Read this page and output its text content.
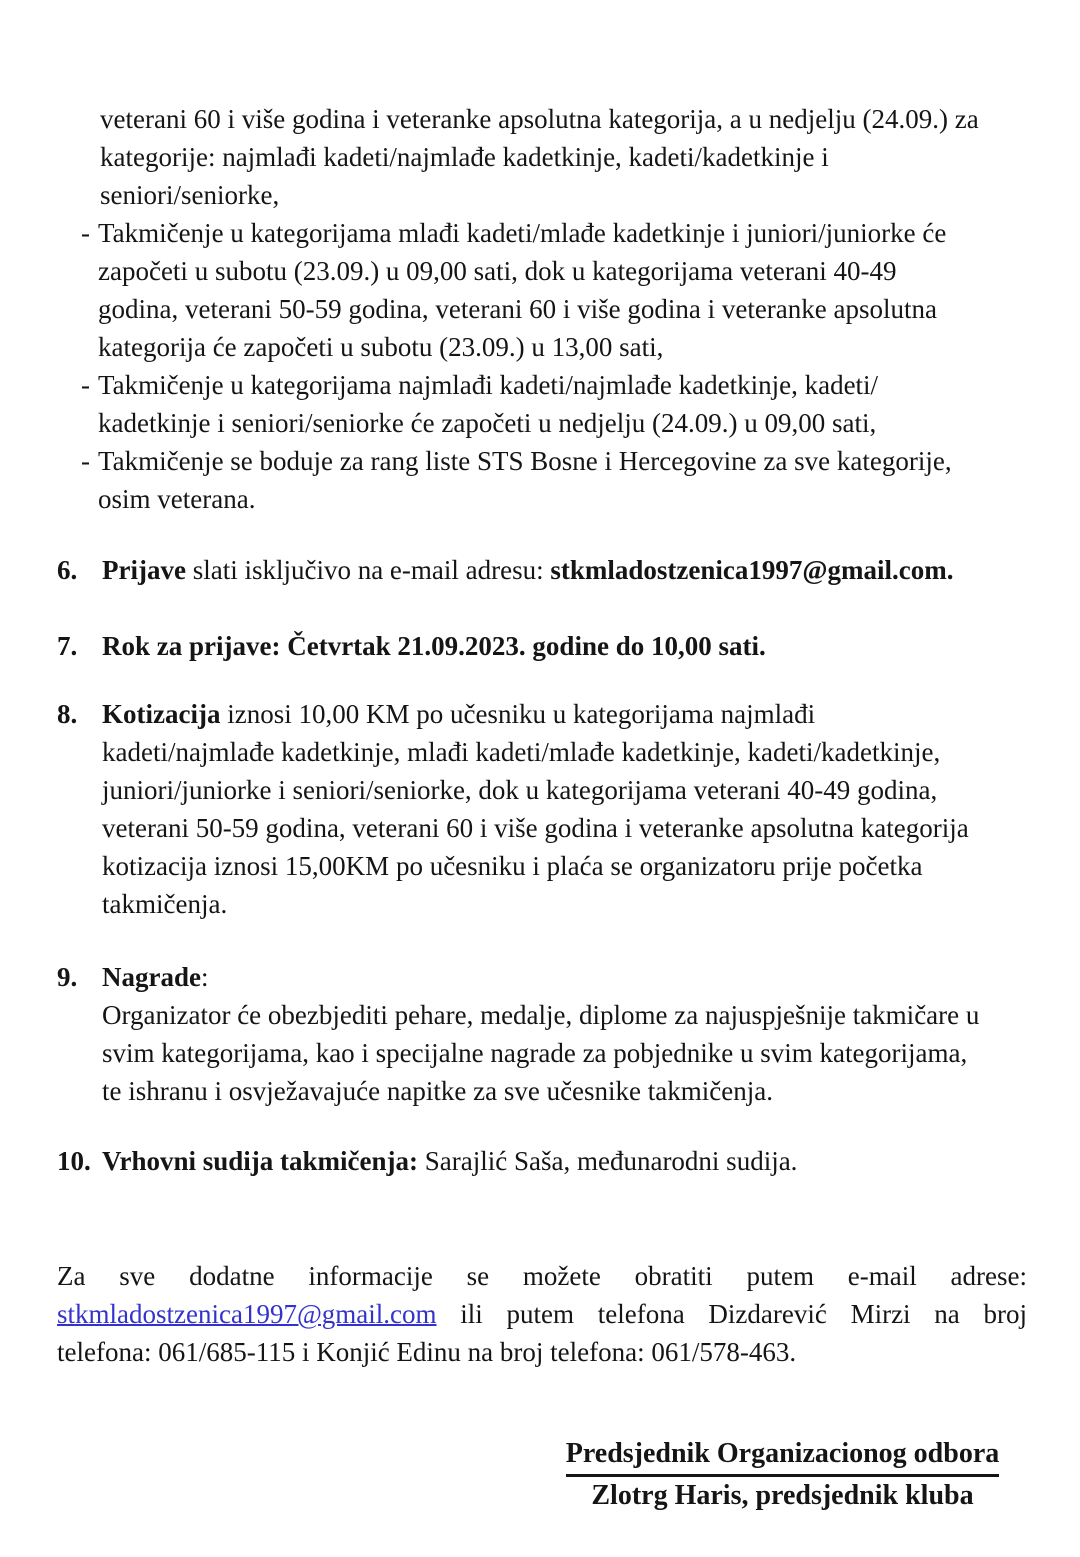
veterani 60 i više godina i veteranke apsolutna kategorija, a u nedjelju (24.09.) za
kategorije: najmlađi kadeti/najmlađe kadetkinje, kadeti/kadetkinje i
seniori/seniorke,
- Takmičenje u kategorijama mlađi kadeti/mlađe kadetkinje i juniori/juniorke će
započeti u subotu (23.09.) u 09,00 sati, dok u kategorijama veterani 40-49
godina, veterani 50-59 godina, veterani 60 i više godina i veteranke apsolutna
kategorija će započeti u subotu (23.09.) u 13,00 sati,
- Takmičenje u kategorijama najmlađi kadeti/najmlađe kadetkinje, kadeti/
kadetkinje i seniori/seniorke će započeti u nedjelju (24.09.) u 09,00 sati,
- Takmičenje se boduje za rang liste STS Bosne i Hercegovine za sve kategorije,
osim veterana.
6. Prijave slati isključivo na e-mail adresu: stkmladostzenica1997@gmail.com.
7. Rok za prijave: Četvrtak 21.09.2023. godine do 10,00 sati.
8. Kotizacija iznosi 10,00 KM po učesniku u kategorijama najmlađi
kadeti/najmlađe kadetkinje, mlađi kadeti/mlađe kadetkinje, kadeti/kadetkinje,
juniori/juniorke i seniori/seniorke, dok u kategorijama veterani 40-49 godina,
veterani 50-59 godina, veterani 60 i više godina i veteranke apsolutna kategorija
kotizacija iznosi 15,00KM po učesniku i plaća se organizatoru prije početka
takmičenja.
9. Nagrade:
Organizator će obezbjediti pehare, medalje, diplome za najuspješnije takmičare u
svim kategorijama, kao i specijalne nagrade za pobjednike u svim kategorijama,
te ishranu i osvježavajuće napitke za sve učesnike takmičenja.
10. Vrhovni sudija takmičenja: Sarajlić Saša, međunarodni sudija.
Za sve dodatne informacije se možete obratiti putem e-mail adrese:
stkmladostzenica1997@gmail.com ili putem telefona Dizdarević Mirzi na broj
telefona: 061/685-115 i Konjić Edinu na broj telefona: 061/578-463.
Predsjednik Organizacionog odbora
Zlotrg Haris, predsjednik kluba
